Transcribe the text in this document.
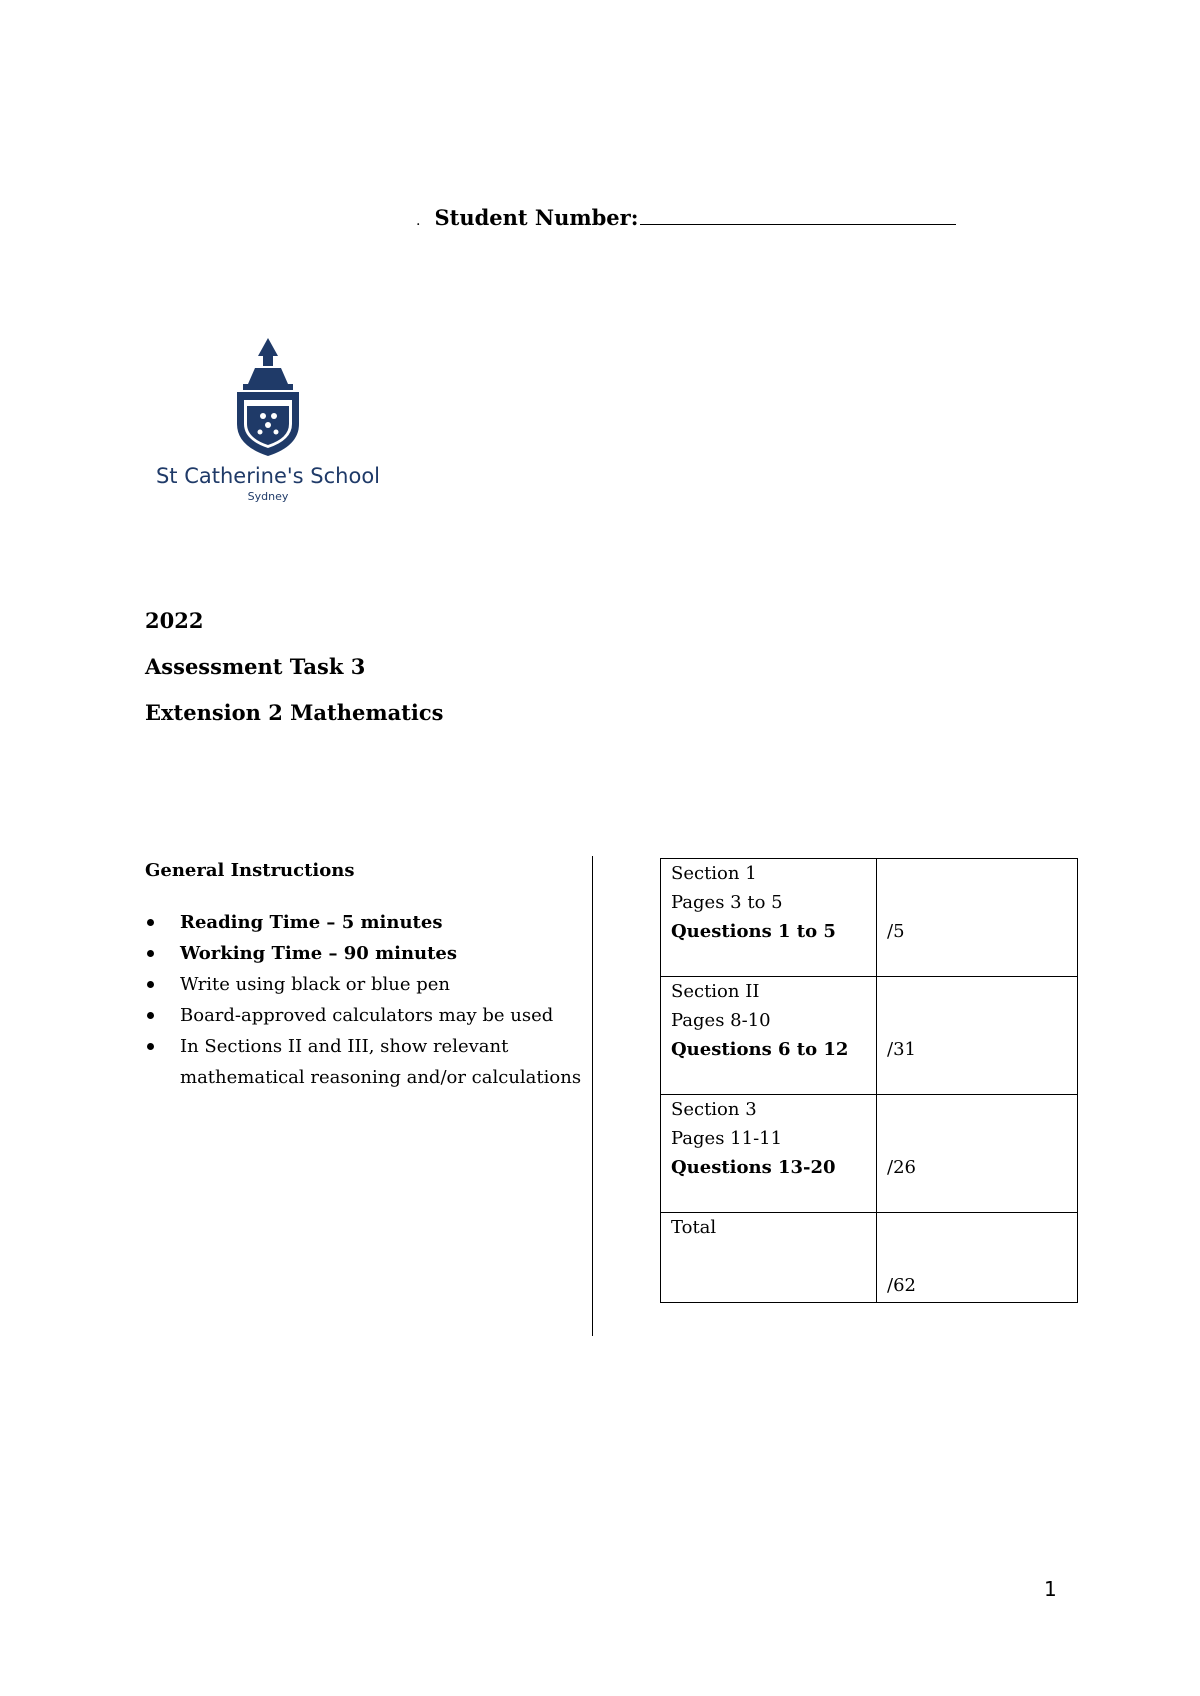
. Student Number:
ST CATHERINE'S
St Catherine's School
Sydney
2022
Assessment Task 3
Extension 2 Mathematics
General Instructions
Reading Time – 5 minutes
Working Time – 90 minutes
Write using black or blue pen
Board-approved calculators may be used
In Sections II and III, show relevant mathematical reasoning and/or calculations
Section 1
Pages 3 to 5
Questions 1 to 5	/5

Section II
Pages 8-10
Questions 6 to 12	/31

Section 3
Pages 11-11
Questions 13-20	/26

Total	/62
1
